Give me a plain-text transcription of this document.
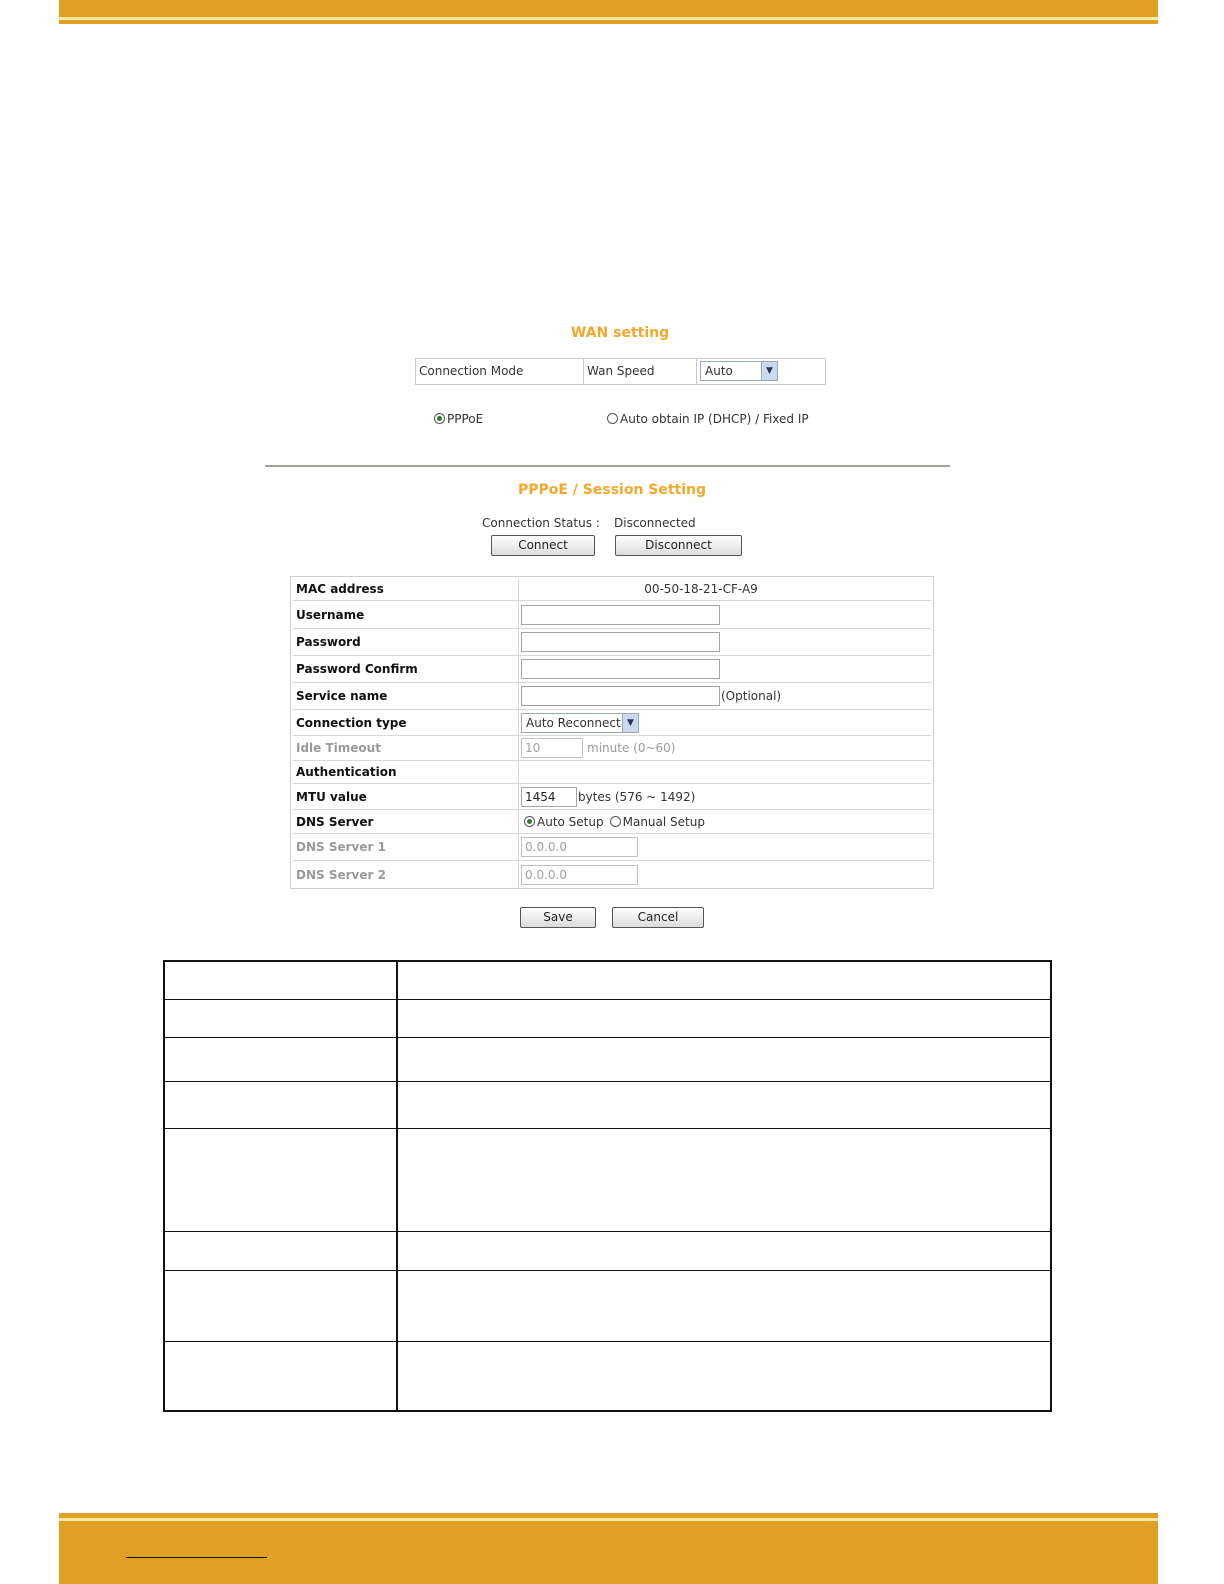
WAN setting
Connection Mode	Wan Speed	Auto	▼
PPPoE	Auto obtain IP (DHCP) / Fixed IP
PPPoE / Session Setting
Connection Status : Disconnected
Connect	Disconnect
MAC address	00-50-18-21-CF-A9
Username
Password
Password Confirm
Service name	(Optional)
Connection type	Auto Reconnect ▼
Idle Timeout	10	minute (0~60)
Authentication
MTU value	1454	bytes (576 ~ 1492)
DNS Server	Auto Setup Manual Setup
DNS Server 1	0.0.0.0
DNS Server 2	0.0.0.0
Save	Cancel
